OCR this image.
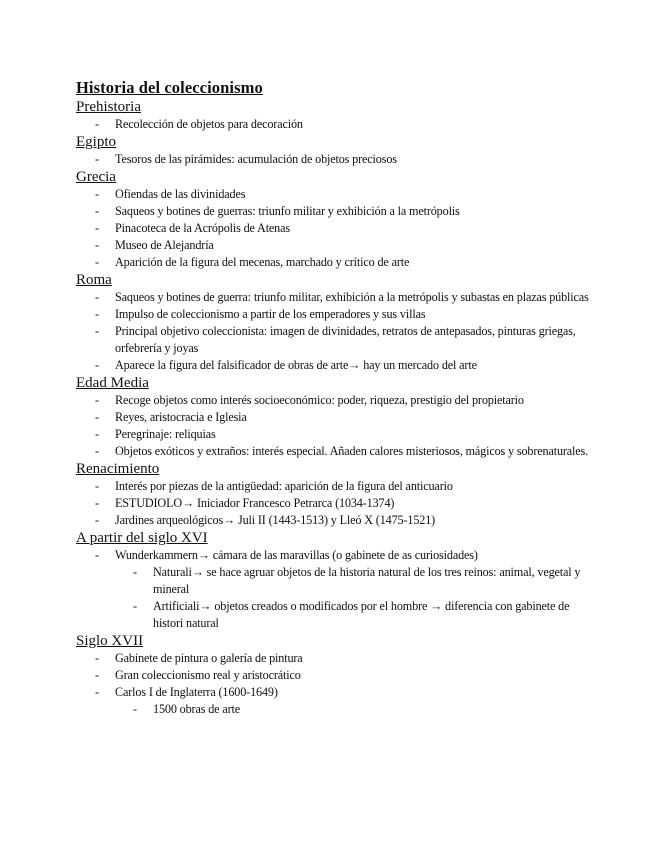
Historia del coleccionismo
Prehistoria
- Recolección de objetos para decoración
Egipto
- Tesoros de las pirámides: acumulación de objetos preciosos
Grecia
- Ofiendas de las divinidades
- Saqueos y botines de guerras: triunfo militar y exhibición a la metrópolis
- Pinacoteca de la Acrópolis de Atenas
- Museo de Alejandría
- Aparición de la figura del mecenas, marchado y crítico de arte
Roma
- Saqueos y botines de guerra: triunfo militar, exhibición a la metrópolis y subastas en plazas públicas
- Impulso de coleccionismo a partir de los emperadores y sus villas
- Principal objetivo coleccionista: imagen de divinidades, retratos de antepasados, pinturas griegas, orfebrería y joyas
- Aparece la figura del falsificador de obras de arte→ hay un mercado del arte
Edad Media
- Recoge objetos como interés socioeconómico: poder, riqueza, prestigio del propietario
- Reyes, aristocracia e Iglesia
- Peregrinaje: reliquias
- Objetos exóticos y extraños: interés especial. Añaden calores misteriosos, mágicos y sobrenaturales.
Renacimiento
- Interés por piezas de la antigüedad: aparición de la figura del anticuario
- ESTUDIOLO→ Iniciador Francesco Petrarca (1034-1374)
- Jardines arqueológicos→ Juli II (1443-1513) y Lleó X (1475-1521)
A partir del siglo XVI
- Wunderkammern→ cámara de las maravillas (o gabinete de as curiosidades)
- Naturali→ se hace agruar objetos de la historia natural de los tres reinos: animal, vegetal y mineral
- Artificiali→ objetos creados o modificados por el hombre → diferencia con gabinete de histori natural
Siglo XVII
- Gabinete de pintura o galería de pintura
- Gran coleccionismo real y aristocrático
- Carlos I de Inglaterra (1600-1649)
- 1500 obras de arte
